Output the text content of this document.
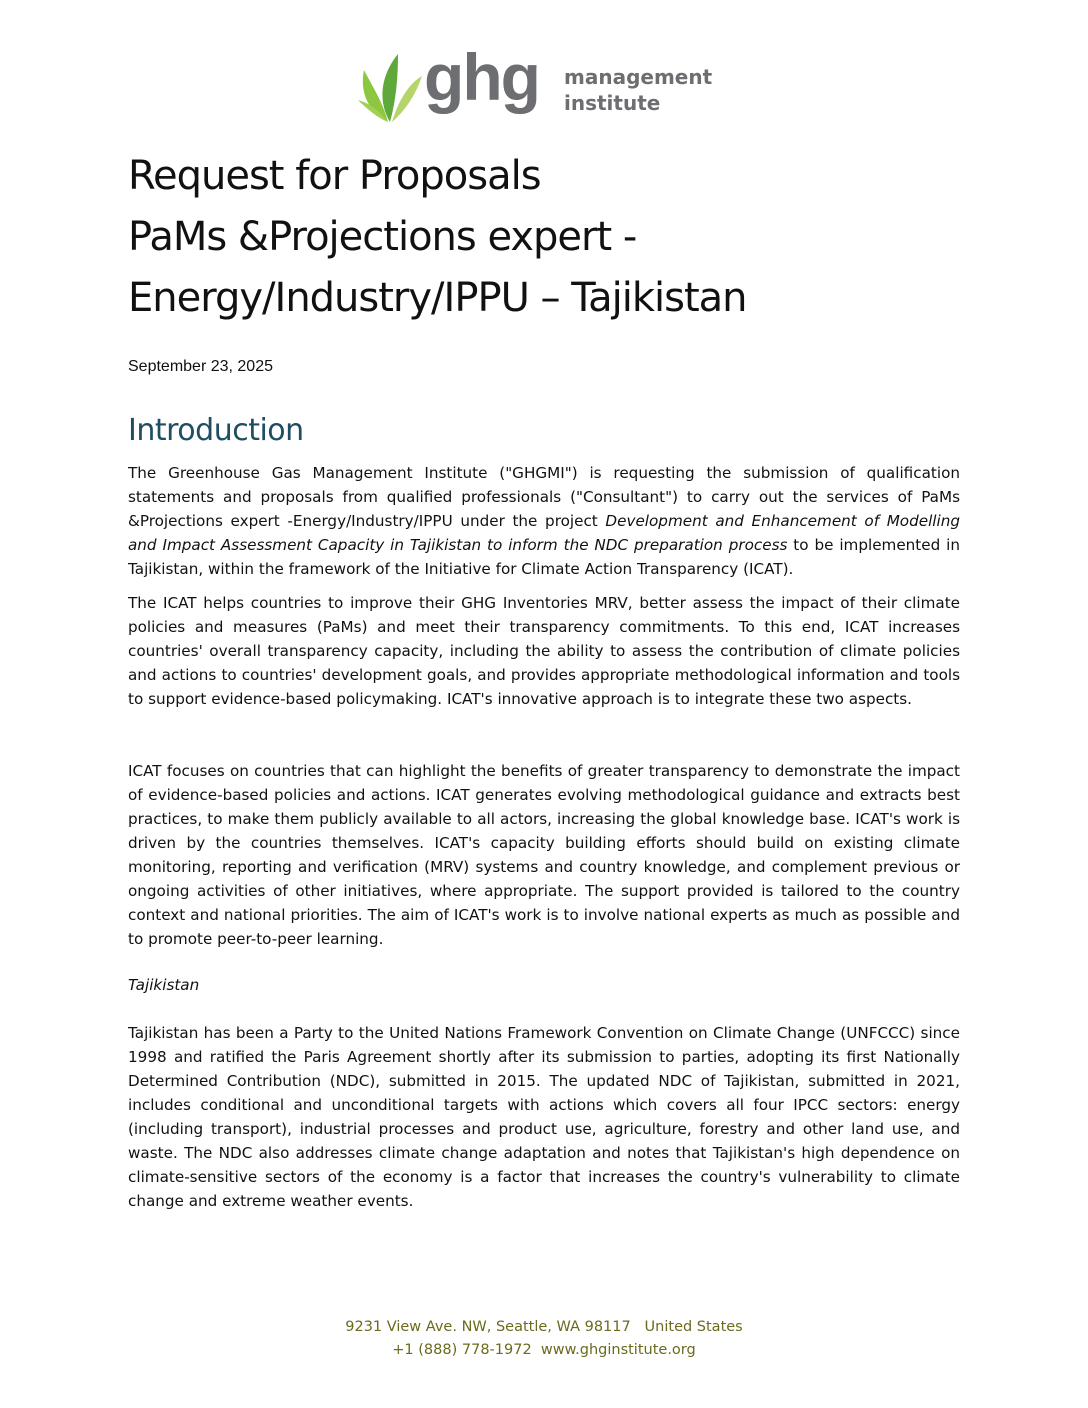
ghg management
institute
Request for Proposals
PaMs &Projections expert -
Energy/Industry/IPPU – Tajikistan
September 23, 2025
Introduction
The Greenhouse Gas Management Institute ("GHGMI") is requesting the submission of qualification statements and proposals from qualified professionals ("Consultant") to carry out the services of PaMs &Projections expert -Energy/Industry/IPPU under the project Development and Enhancement of Modelling and Impact Assessment Capacity in Tajikistan to inform the NDC preparation process to be implemented in Tajikistan, within the framework of the Initiative for Climate Action Transparency (ICAT).
The ICAT helps countries to improve their GHG Inventories MRV, better assess the impact of their climate policies and measures (PaMs) and meet their transparency commitments. To this end, ICAT increases countries' overall transparency capacity, including the ability to assess the contribution of climate policies and actions to countries' development goals, and provides appropriate methodological information and tools to support evidence-based policymaking. ICAT's innovative approach is to integrate these two aspects.
ICAT focuses on countries that can highlight the benefits of greater transparency to demonstrate the impact of evidence-based policies and actions. ICAT generates evolving methodological guidance and extracts best practices, to make them publicly available to all actors, increasing the global knowledge base. ICAT's work is driven by the countries themselves. ICAT's capacity building efforts should build on existing climate monitoring, reporting and verification (MRV) systems and country knowledge, and complement previous or ongoing activities of other initiatives, where appropriate. The support provided is tailored to the country context and national priorities. The aim of ICAT's work is to involve national experts as much as possible and to promote peer-to-peer learning.
Tajikistan
Tajikistan has been a Party to the United Nations Framework Convention on Climate Change (UNFCCC) since 1998 and ratified the Paris Agreement shortly after its submission to parties, adopting its first Nationally Determined Contribution (NDC), submitted in 2015. The updated NDC of Tajikistan, submitted in 2021, includes conditional and unconditional targets with actions which covers all four IPCC sectors: energy (including transport), industrial processes and product use, agriculture, forestry and other land use, and waste. The NDC also addresses climate change adaptation and notes that Tajikistan's high dependence on climate-sensitive sectors of the economy is a factor that increases the country's vulnerability to climate change and extreme weather events.
9231 View Ave. NW, Seattle, WA 98117   United States
+1 (888) 778-1972  www.ghginstitute.org
